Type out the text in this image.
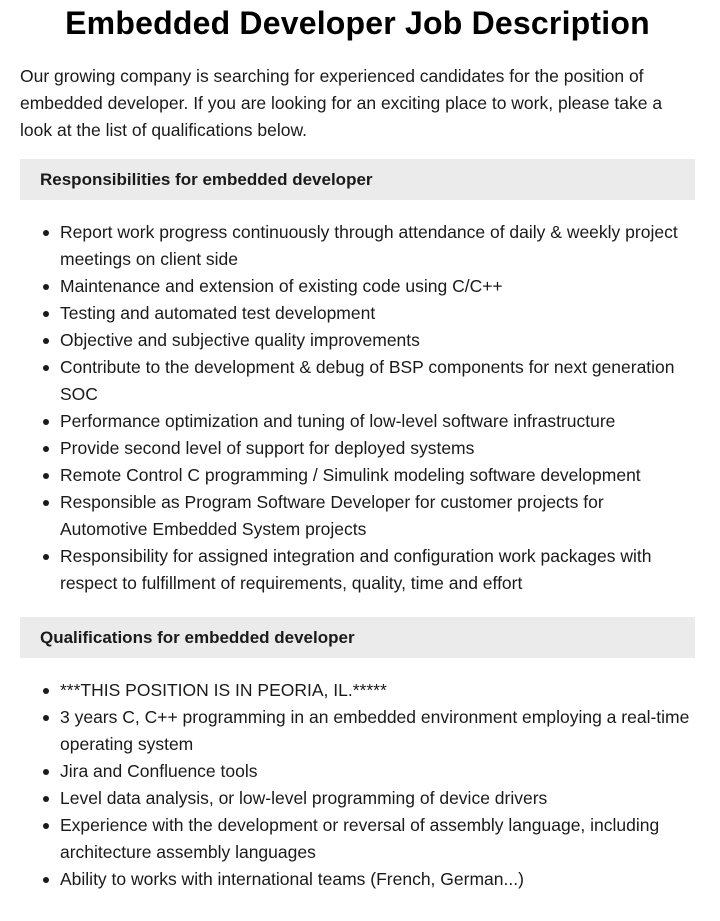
Embedded Developer Job Description

Our growing company is searching for experienced candidates for the position of embedded developer. If you are looking for an exciting place to work, please take a look at the list of qualifications below.

Responsibilities for embedded developer
Report work progress continuously through attendance of daily & weekly project meetings on client side
Maintenance and extension of existing code using C/C++
Testing and automated test development
Objective and subjective quality improvements
Contribute to the development & debug of BSP components for next generation SOC
Performance optimization and tuning of low-level software infrastructure
Provide second level of support for deployed systems
Remote Control C programming / Simulink modeling software development
Responsible as Program Software Developer for customer projects for Automotive Embedded System projects
Responsibility for assigned integration and configuration work packages with respect to fulfillment of requirements, quality, time and effort
Qualifications for embedded developer
***THIS POSITION IS IN PEORIA, IL.*****
3 years C, C++ programming in an embedded environment employing a real-time operating system
Jira and Confluence tools
Level data analysis, or low-level programming of device drivers
Experience with the development or reversal of assembly language, including architecture assembly languages
Ability to works with international teams (French, German...)
